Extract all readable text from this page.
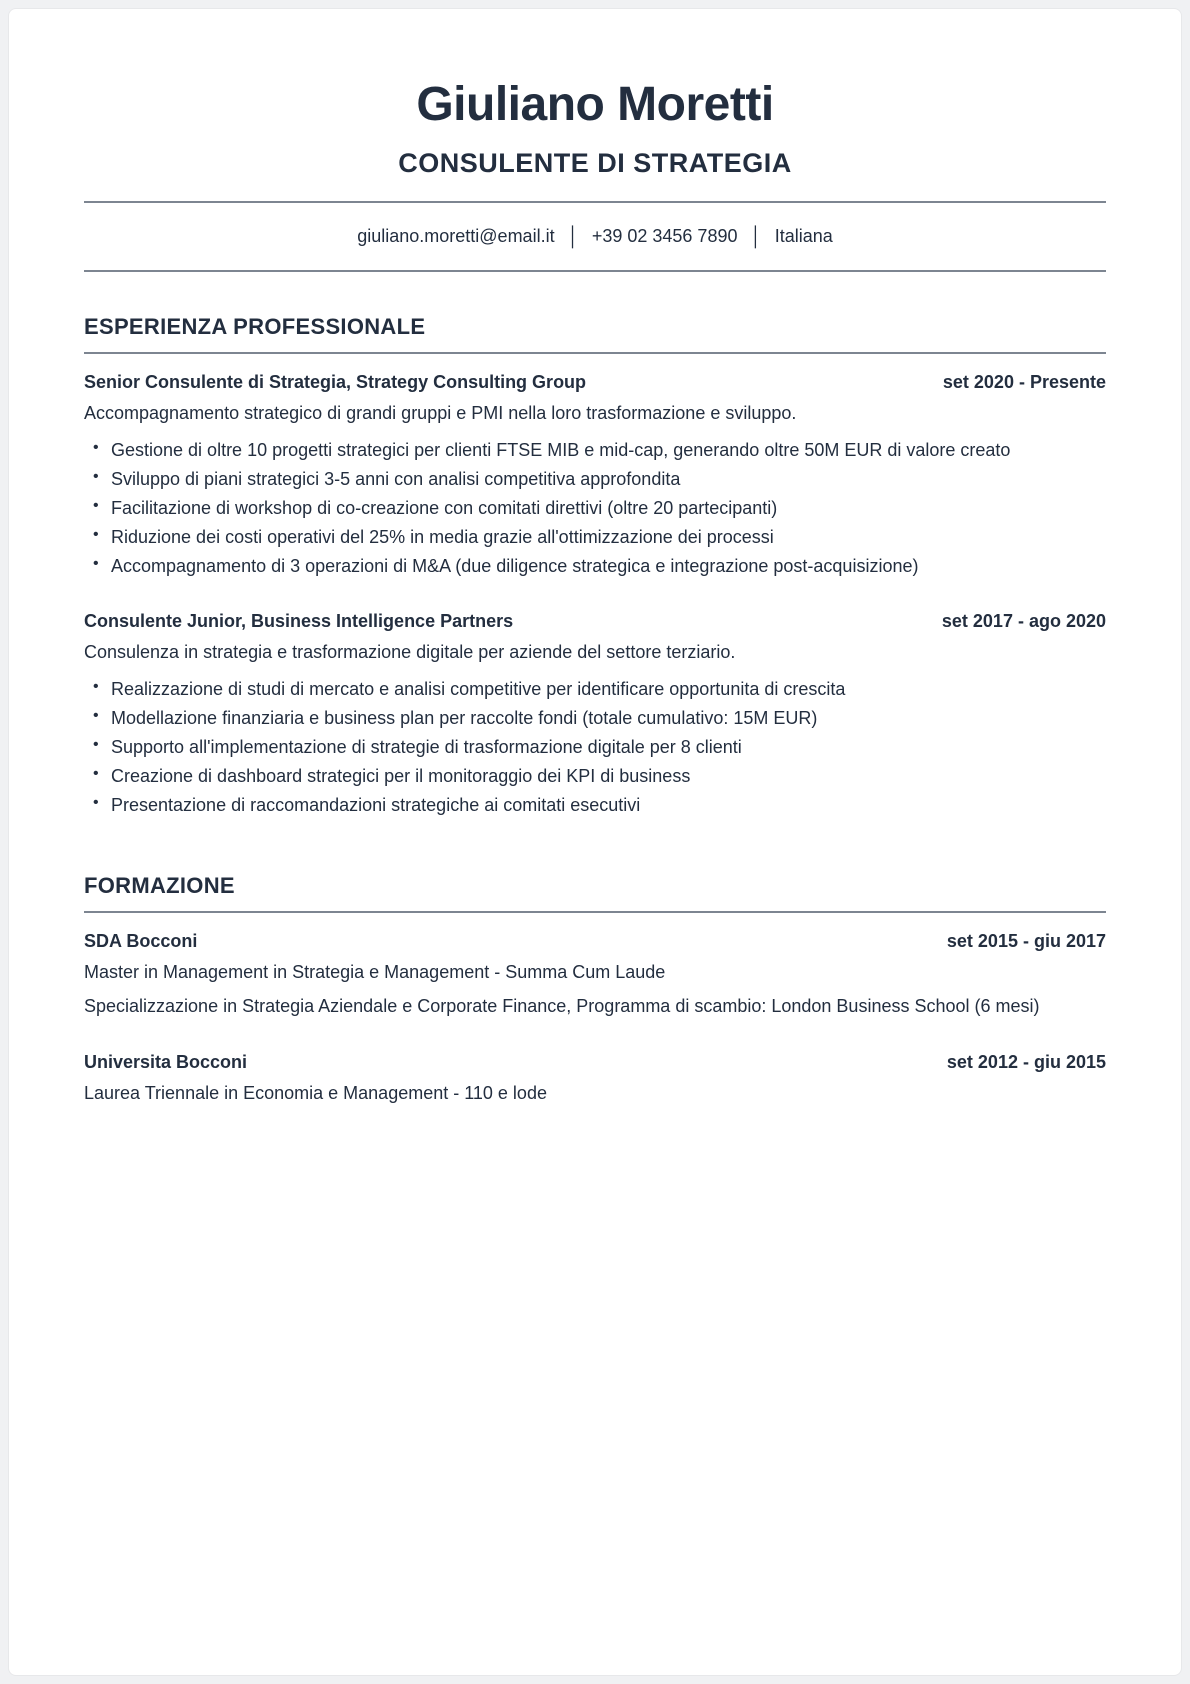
Giuliano Moretti
CONSULENTE DI STRATEGIA
giuliano.moretti@email.it │ +39 02 3456 7890 │ Italiana
ESPERIENZA PROFESSIONALE
Senior Consulente di Strategia, Strategy Consulting Group	set 2020 - Presente

Accompagnamento strategico di grandi gruppi e PMI nella loro trasformazione e sviluppo.

• Gestione di oltre 10 progetti strategici per clienti FTSE MIB e mid-cap, generando oltre 50M EUR di valore creato
• Sviluppo di piani strategici 3-5 anni con analisi competitiva approfondita
• Facilitazione di workshop di co-creazione con comitati direttivi (oltre 20 partecipanti)
• Riduzione dei costi operativi del 25% in media grazie all'ottimizzazione dei processi
• Accompagnamento di 3 operazioni di M&A (due diligence strategica e integrazione post-acquisizione)
Consulente Junior, Business Intelligence Partners	set 2017 - ago 2020

Consulenza in strategia e trasformazione digitale per aziende del settore terziario.

• Realizzazione di studi di mercato e analisi competitive per identificare opportunita di crescita
• Modellazione finanziaria e business plan per raccolte fondi (totale cumulativo: 15M EUR)
• Supporto all'implementazione di strategie di trasformazione digitale per 8 clienti
• Creazione di dashboard strategici per il monitoraggio dei KPI di business
• Presentazione di raccomandazioni strategiche ai comitati esecutivi
FORMAZIONE
SDA Bocconi	set 2015 - giu 2017

Master in Management in Strategia e Management - Summa Cum Laude

Specializzazione in Strategia Aziendale e Corporate Finance, Programma di scambio: London Business School (6 mesi)

Universita Bocconi	set 2012 - giu 2015

Laurea Triennale in Economia e Management - 110 e lode
